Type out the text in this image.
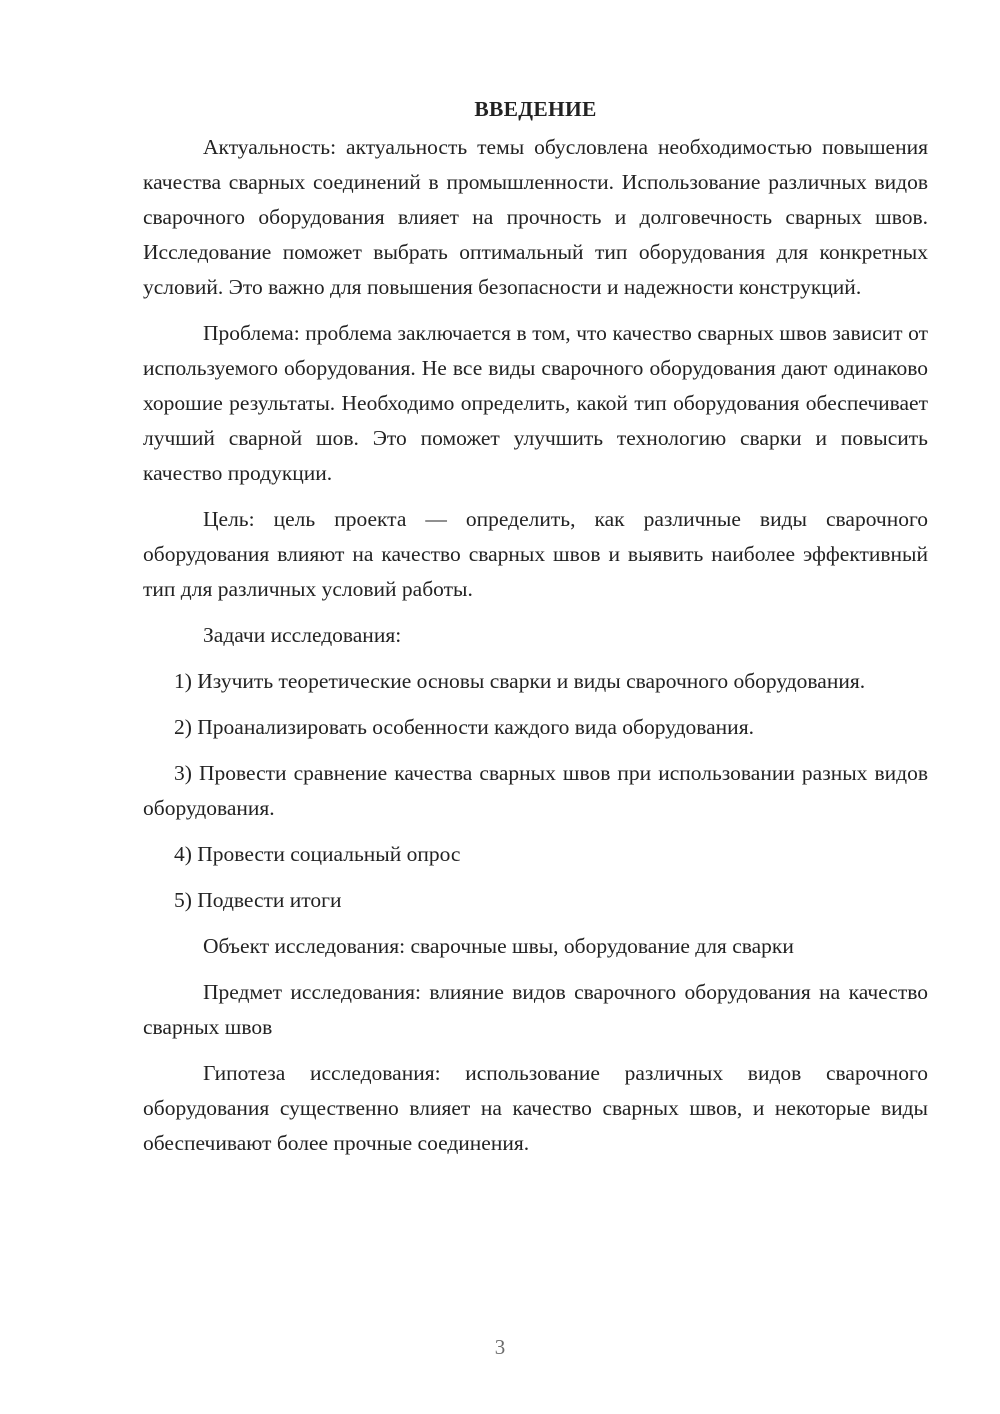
ВВЕДЕНИЕ

Актуальность: актуальность темы обусловлена необходимостью повышения качества сварных соединений в промышленности. Использование различных видов сварочного оборудования влияет на прочность и долговечность сварных швов. Исследование поможет выбрать оптимальный тип оборудования для конкретных условий. Это важно для повышения безопасности и надежности конструкций.

Проблема: проблема заключается в том, что качество сварных швов зависит от используемого оборудования. Не все виды сварочного оборудования дают одинаково хорошие результаты. Необходимо определить, какой тип оборудования обеспечивает лучший сварной шов. Это поможет улучшить технологию сварки и повысить качество продукции.

Цель: цель проекта — определить, как различные виды сварочного оборудования влияют на качество сварных швов и выявить наиболее эффективный тип для различных условий работы.

Задачи исследования:

1) Изучить теоретические основы сварки и виды сварочного оборудования.

2) Проанализировать особенности каждого вида оборудования.

3) Провести сравнение качества сварных швов при использовании разных видов оборудования.

4) Провести социальный опрос

5) Подвести итоги

Объект исследования: сварочные швы, оборудование для сварки

Предмет исследования: влияние видов сварочного оборудования на качество сварных швов

Гипотеза исследования: использование различных видов сварочного оборудования существенно влияет на качество сварных швов, и некоторые виды обеспечивают более прочные соединения.

3
